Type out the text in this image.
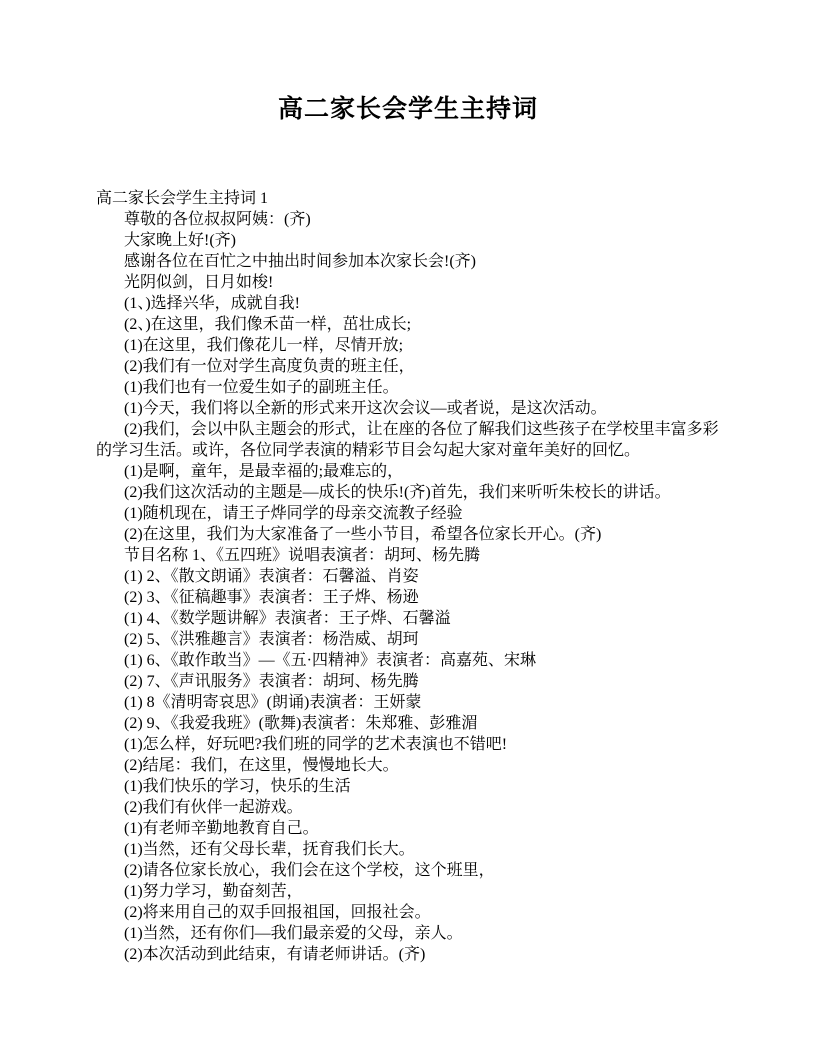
高二家长会学生主持词

高二家长会学生主持词 1

尊敬的各位叔叔阿姨：(齐)

大家晚上好!(齐)

感谢各位在百忙之中抽出时间参加本次家长会!(齐)

光阴似剑，日月如梭!

(1、)选择兴华，成就自我!

(2、)在这里，我们像禾苗一样，茁壮成长;

(1)在这里，我们像花儿一样，尽情开放;

(2)我们有一位对学生高度负责的班主任，

(1)我们也有一位爱生如子的副班主任。

(1)今天，我们将以全新的形式来开这次会议—或者说，是这次活动。

(2)我们，会以中队主题会的形式，让在座的各位了解我们这些孩子在学校里丰富多彩的学习生活。或许，各位同学表演的精彩节目会勾起大家对童年美好的回忆。

(1)是啊，童年，是最幸福的;最难忘的，

(2)我们这次活动的主题是—成长的快乐!(齐)首先，我们来听听朱校长的讲话。

(1)随机现在，请王子烨同学的母亲交流教子经验

(2)在这里，我们为大家准备了一些小节目，希望各位家长开心。(齐)

节目名称 1、《五四班》说唱表演者：胡珂、杨先腾

(1) 2、《散文朗诵》表演者：石馨溢、肖姿

(2) 3、《征稿趣事》表演者：王子烨、杨逊

(1) 4、《数学题讲解》表演者：王子烨、石馨溢

(2) 5、《洪雅趣言》表演者：杨浩威、胡珂

(1) 6、《敢作敢当》—《五·四精神》表演者：高嘉苑、宋琳

(2) 7、《声讯服务》表演者：胡珂、杨先腾

(1) 8《清明寄哀思》(朗诵)表演者：王妍蒙

(2) 9、《我爱我班》(歌舞)表演者：朱郑雅、彭雅湄

(1)怎么样，好玩吧?我们班的同学的艺术表演也不错吧!

(2)结尾：我们，在这里，慢慢地长大。

(1)我们快乐的学习，快乐的生活

(2)我们有伙伴一起游戏。

(1)有老师辛勤地教育自己。

(1)当然，还有父母长辈，抚育我们长大。

(2)请各位家长放心，我们会在这个学校，这个班里，

(1)努力学习，勤奋刻苦，

(2)将来用自己的双手回报祖国，回报社会。

(1)当然，还有你们—我们最亲爱的父母，亲人。

(2)本次活动到此结束，有请老师讲话。(齐)
